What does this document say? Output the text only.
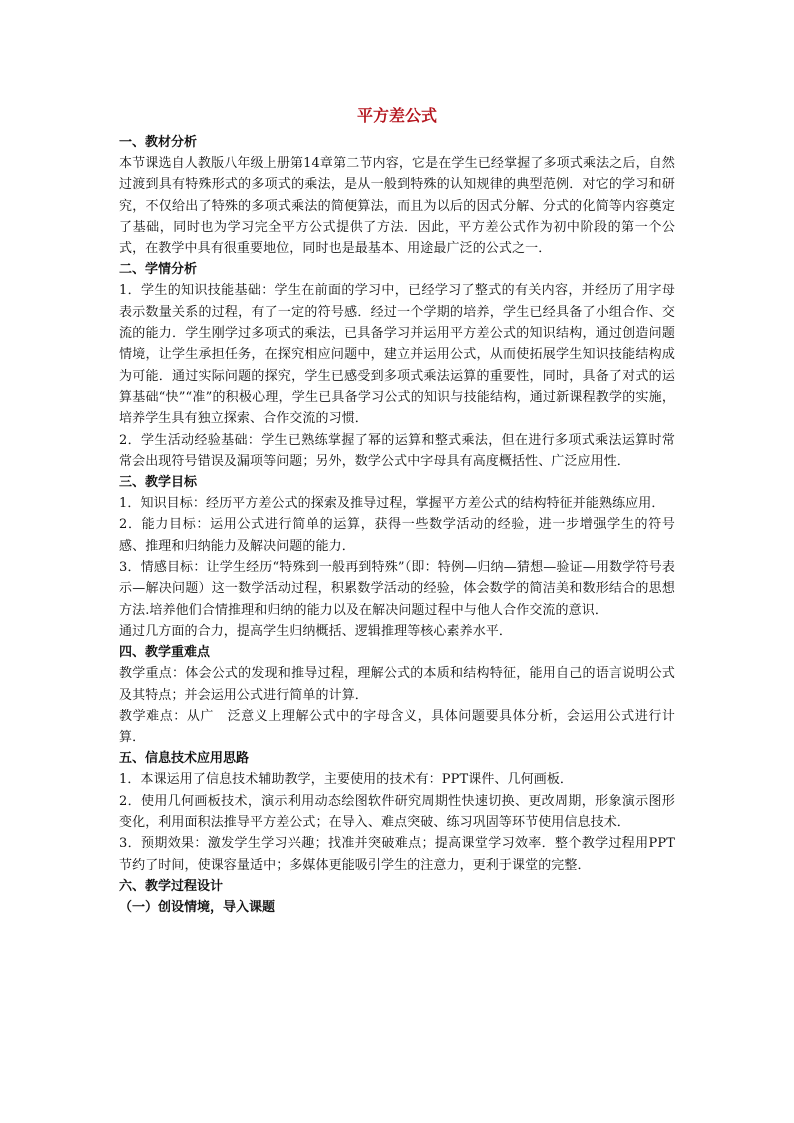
平方差公式
一、教材分析
本节课选自人教版八年级上册第14章第二节内容，它是在学生已经掌握了多项式乘法之后，自然过渡到具有特殊形式的多项式的乘法，是从一般到特殊的认知规律的典型范例．对它的学习和研究，不仅给出了特殊的多项式乘法的简便算法，而且为以后的因式分解、分式的化简等内容奠定了基础，同时也为学习完全平方公式提供了方法．因此，平方差公式作为初中阶段的第一个公式，在教学中具有很重要地位，同时也是最基本、用途最广泛的公式之一．
二、学情分析
1．学生的知识技能基础：学生在前面的学习中，已经学习了整式的有关内容，并经历了用字母表示数量关系的过程，有了一定的符号感．经过一个学期的培养，学生已经具备了小组合作、交流的能力．学生刚学过多项式的乘法，已具备学习并运用平方差公式的知识结构，通过创造问题情境，让学生承担任务，在探究相应问题中，建立并运用公式，从而使拓展学生知识技能结构成为可能．通过实际问题的探究，学生已感受到多项式乘法运算的重要性，同时，具备了对式的运算基础“快”“准”的积极心理，学生已具备学习公式的知识与技能结构，通过新课程教学的实施，培养学生具有独立探索、合作交流的习惯．
2．学生活动经验基础：学生已熟练掌握了幂的运算和整式乘法，但在进行多项式乘法运算时常常会出现符号错误及漏项等问题；另外，数学公式中字母具有高度概括性、广泛应用性．
三、教学目标
1．知识目标：经历平方差公式的探索及推导过程，掌握平方差公式的结构特征并能熟练应用．
2．能力目标：运用公式进行简单的运算，获得一些数学活动的经验，进一步增强学生的符号感、推理和归纳能力及解决问题的能力．
3．情感目标：让学生经历“特殊到一般再到特殊”（即：特例—归纳—猜想—验证—用数学符号表示—解决问题）这一数学活动过程，积累数学活动的经验，体会数学的简洁美和数形结合的思想方法.培养他们合情推理和归纳的能力以及在解决问题过程中与他人合作交流的意识．
通过几方面的合力，提高学生归纳概括、逻辑推理等核心素养水平．
四、教学重难点
教学重点：体会公式的发现和推导过程，理解公式的本质和结构特征，能用自己的语言说明公式及其特点；并会运用公式进行简单的计算．
教学难点：从广　泛意义上理解公式中的字母含义，具体问题要具体分析，会运用公式进行计算．
五、信息技术应用思路
1．本课运用了信息技术辅助教学，主要使用的技术有：PPT课件、几何画板．
2．使用几何画板技术，演示利用动态绘图软件研究周期性快速切换、更改周期，形象演示图形变化，利用面积法推导平方差公式；在导入、难点突破、练习巩固等环节使用信息技术．
3．预期效果：激发学生学习兴趣；找准并突破难点；提高课堂学习效率．整个教学过程用PPT节约了时间，使课容量适中；多媒体更能吸引学生的注意力，更利于课堂的完整．
六、教学过程设计
（一）创设情境，导入课题
